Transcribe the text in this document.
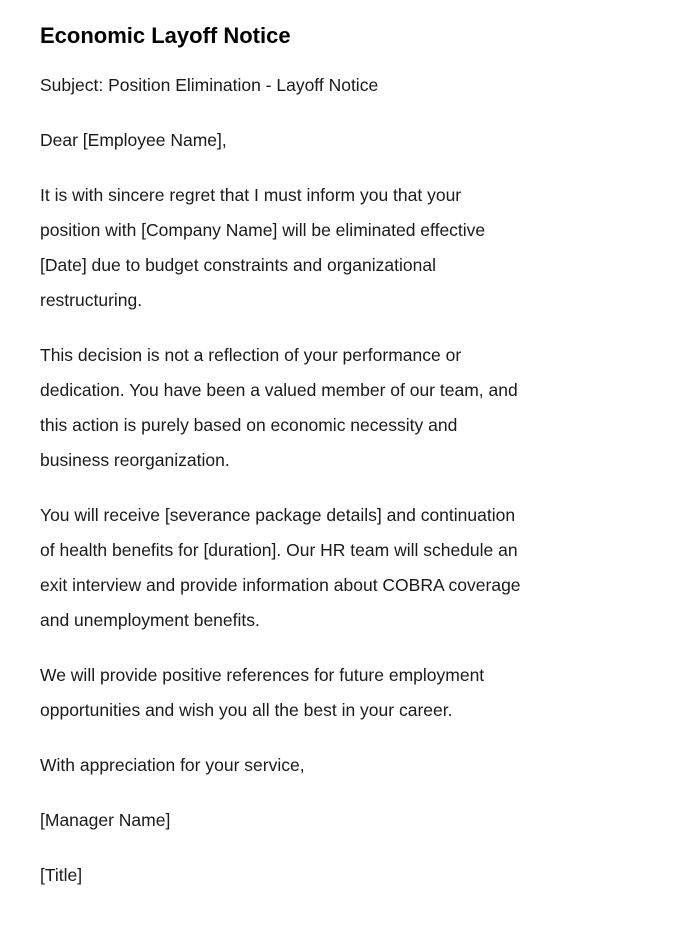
Economic Layoff Notice

Subject: Position Elimination - Layoff Notice

Dear [Employee Name],

It is with sincere regret that I must inform you that your
position with [Company Name] will be eliminated effective
[Date] due to budget constraints and organizational
restructuring.
This decision is not a reflection of your performance or
dedication. You have been a valued member of our team, and
this action is purely based on economic necessity and
business reorganization.
You will receive [severance package details] and continuation
of health benefits for [duration]. Our HR team will schedule an
exit interview and provide information about COBRA coverage
and unemployment benefits.
We will provide positive references for future employment
opportunities and wish you all the best in your career.

With appreciation for your service,

[Manager Name]

[Title]
